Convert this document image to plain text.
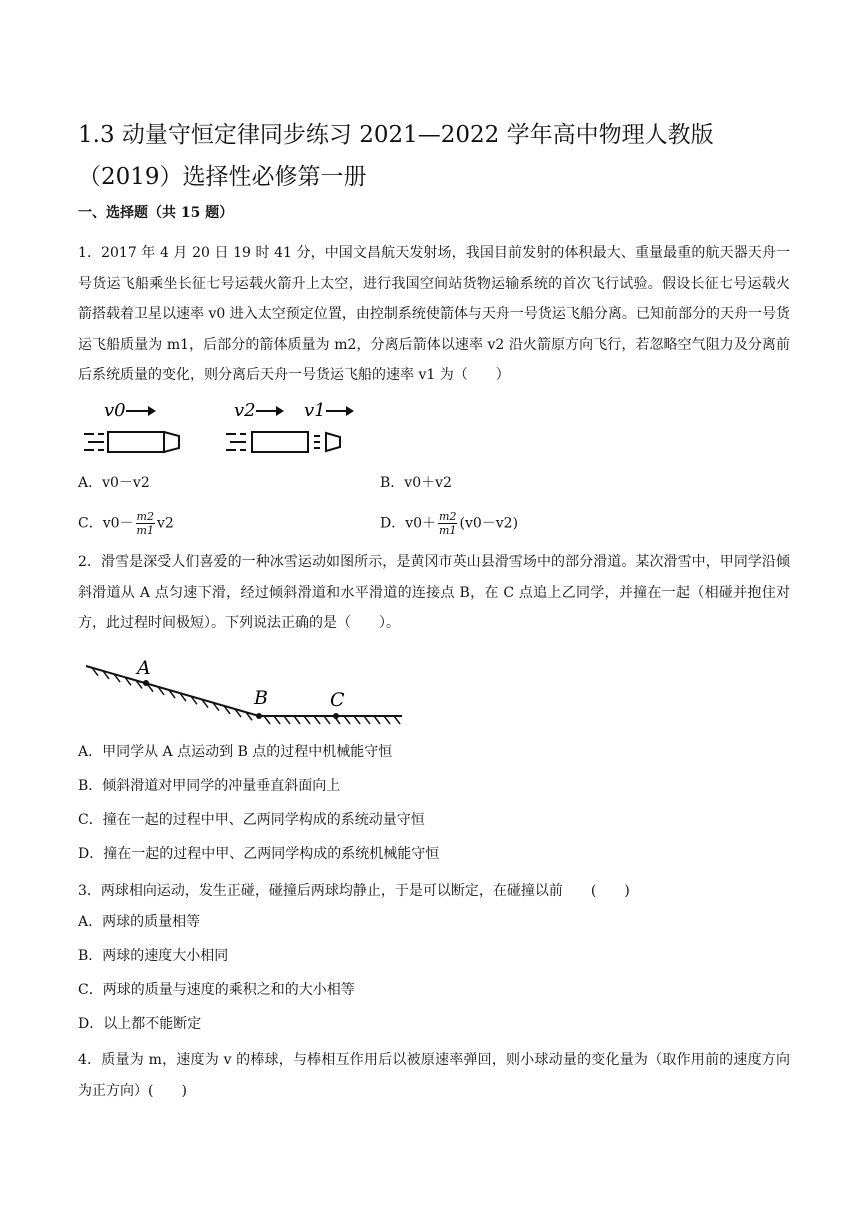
1.3 动量守恒定律同步练习 2021—2022 学年高中物理人教版（2019）选择性必修第一册
一、选择题（共 15 题）
1．2017 年 4 月 20 日 19 时 41 分，中国文昌航天发射场，我国目前发射的体积最大、重量最重的航天器天舟一号货运飞船乘坐长征七号运载火箭升上太空，进行我国空间站货物运输系统的首次飞行试验。假设长征七号运载火箭搭载着卫星以速率 v0 进入太空预定位置，由控制系统使箭体与天舟一号货运飞船分离。已知前部分的天舟一号货运飞船质量为 m1，后部分的箭体质量为 m2，分离后箭体以速率 v2 沿火箭原方向飞行，若忽略空气阻力及分离前后系统质量的变化，则分离后天舟一号货运飞船的速率 v1 为（　　）
v0	v2	v1
A．v0－v2	B．v0＋v2
C．$v0- \frac{m2}{m1} v2$	D．$v0+ \frac{m2}{m1} (v0-v2)$
2．滑雪是深受人们喜爱的一种冰雪运动如图所示，是黄冈市英山县滑雪场中的部分滑道。某次滑雪中，甲同学沿倾斜滑道从 A 点匀速下滑，经过倾斜滑道和水平滑道的连接点 B，在 C 点追上乙同学，并撞在一起（相碰并抱住对方，此过程时间极短）。下列说法正确的是（　　）。
A
B	C
A．甲同学从 A 点运动到 B 点的过程中机械能守恒
B．倾斜滑道对甲同学的冲量垂直斜面向上
C．撞在一起的过程中甲、乙两同学构成的系统动量守恒
D．撞在一起的过程中甲、乙两同学构成的系统机械能守恒
3．两球相向运动，发生正碰，碰撞后两球均静止，于是可以断定，在碰撞以前　　(　　)
A．两球的质量相等
B．两球的速度大小相同
C．两球的质量与速度的乘积之和的大小相等
D．以上都不能断定
4．质量为 m，速度为 v 的棒球，与棒相互作用后以被原速率弹回，则小球动量的变化量为（取作用前的速度方向为正方向）(　　)
